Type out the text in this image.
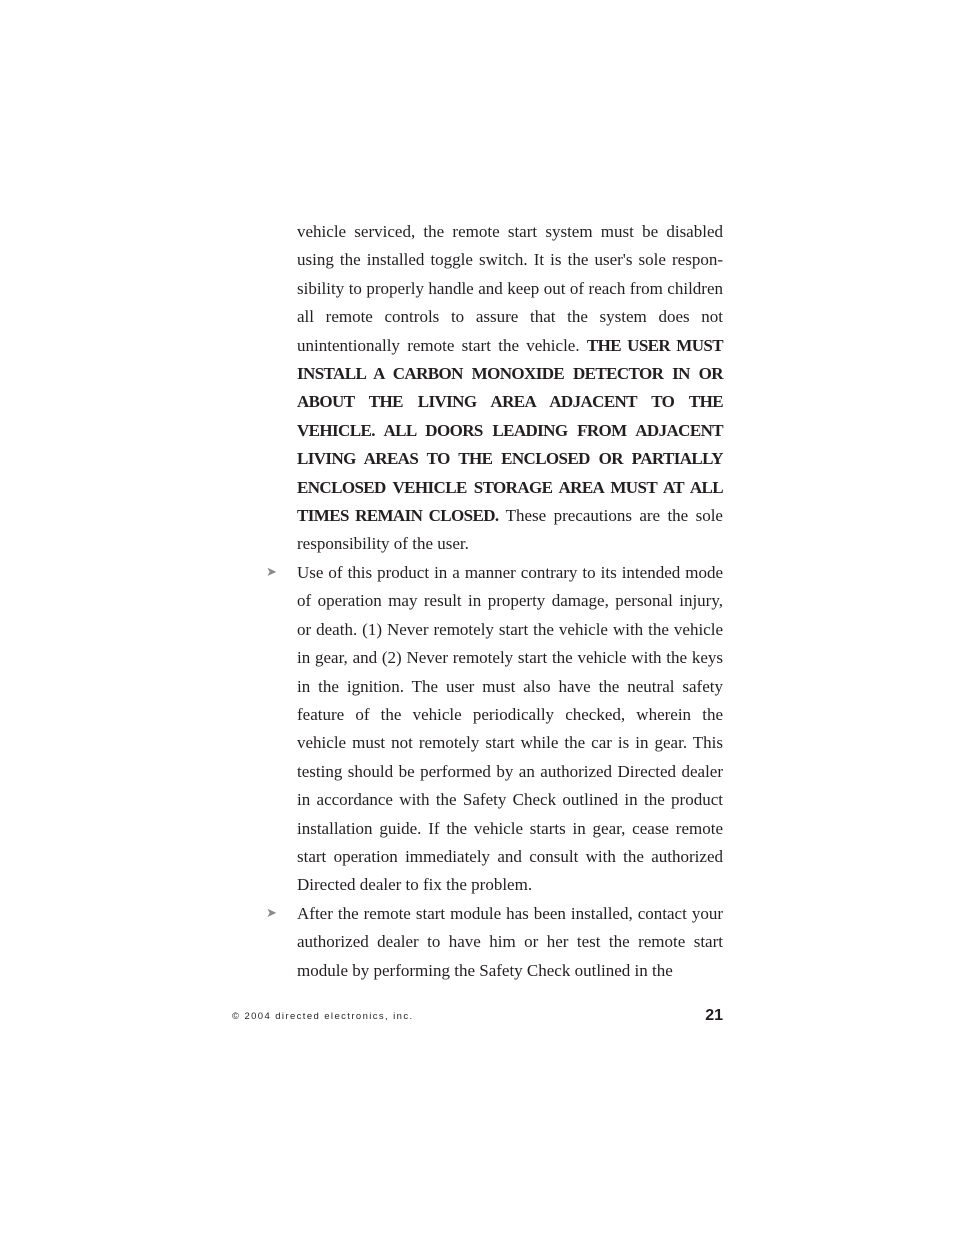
vehicle serviced, the remote start system must be disabled using the installed toggle switch. It is the user's sole responsibility to properly handle and keep out of reach from children all remote controls to assure that the system does not unintentionally remote start the vehicle. THE USER MUST INSTALL A CARBON MONOXIDE DETECTOR IN OR ABOUT THE LIVING AREA ADJACENT TO THE VEHICLE. ALL DOORS LEADING FROM ADJACENT LIVING AREAS TO THE ENCLOSED OR PARTIALLY ENCLOSED VEHICLE STORAGE AREA MUST AT ALL TIMES REMAIN CLOSED. These precautions are the sole responsibility of the user.

➤ Use of this product in a manner contrary to its intended mode of operation may result in property damage, personal injury, or death. (1) Never remotely start the vehicle with the vehicle in gear, and (2) Never remotely start the vehicle with the keys in the ignition. The user must also have the neutral safety feature of the vehicle periodically checked, wherein the vehicle must not remotely start while the car is in gear. This testing should be performed by an authorized Directed dealer in accordance with the Safety Check outlined in the product installation guide. If the vehicle starts in gear, cease remote start operation immediately and consult with the authorized Directed dealer to fix the problem.

➤ After the remote start module has been installed, contact your authorized dealer to have him or her test the remote start module by performing the Safety Check outlined in the

© 2004 directed electronics, inc.	21
